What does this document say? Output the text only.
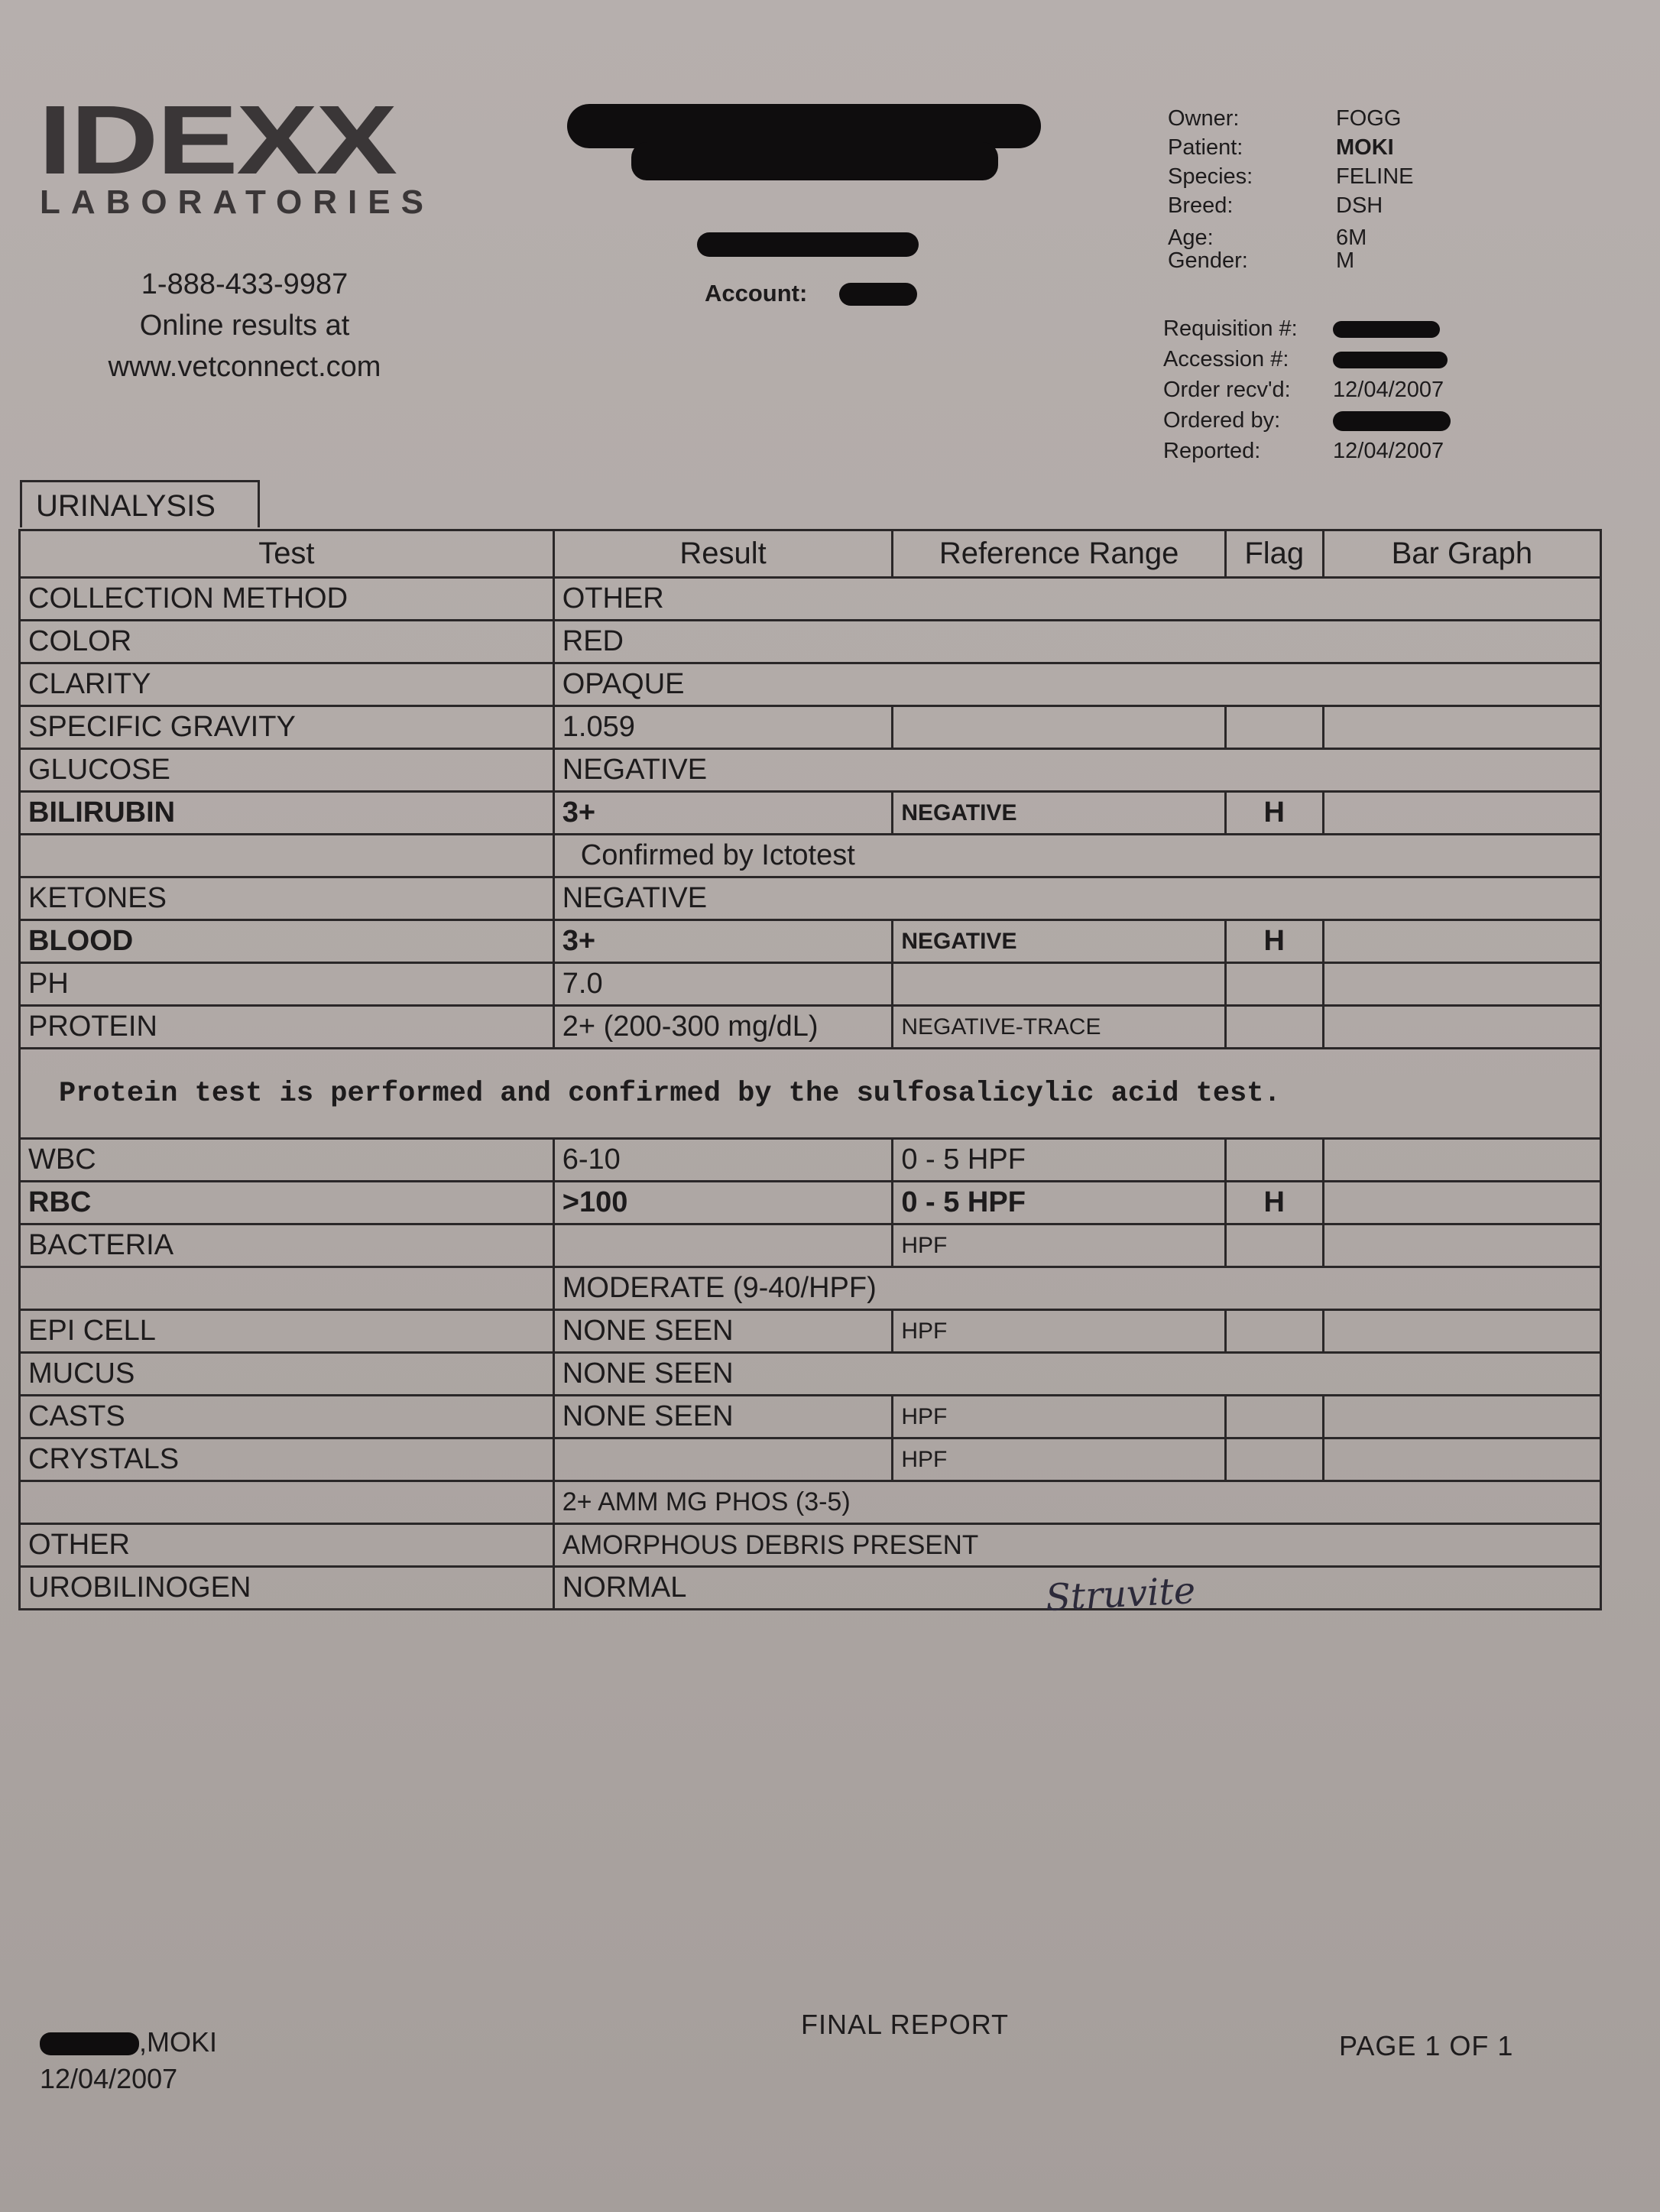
IDEXX
LABORATORIES
1-888-433-9987
Online results at
www.vetconnect.com
Account:
Owner:	FOGG
Patient:	MOKI
Species:	FELINE
Breed:	DSH
Age:	6M
Gender:	M
Requisition #:
Accession #:
Order recv'd:	12/04/2007
Ordered by:
Reported:	12/04/2007
URINALYSIS
Test	Result	Reference Range	Flag	Bar Graph
COLLECTION METHOD	OTHER			
COLOR	RED			
CLARITY	OPAQUE			
SPECIFIC GRAVITY	1.059			
GLUCOSE	NEGATIVE			
BILIRUBIN	3+	NEGATIVE	H	
	Confirmed by Ictotest			
KETONES	NEGATIVE			
BLOOD	3+	NEGATIVE	H	
PH	7.0			
PROTEIN	2+ (200-300 mg/dL)	NEGATIVE-TRACE		
Protein test is performed and confirmed by the sulfosalicylic acid test.				
WBC	6-10	0 - 5 HPF		
RBC	>100	0 - 5 HPF	H	
BACTERIA		HPF		
	MODERATE (9-40/HPF)			
EPI CELL	NONE SEEN	HPF		
MUCUS	NONE SEEN			
CASTS	NONE SEEN	HPF		
CRYSTALS		HPF		
	2+ AMM MG PHOS (3-5)			
OTHER	AMORPHOUS DEBRIS PRESENT			
UROBILINOGEN	NORMAL				Struvite
,MOKI
12/04/2007
FINAL REPORT
PAGE 1 OF 1
